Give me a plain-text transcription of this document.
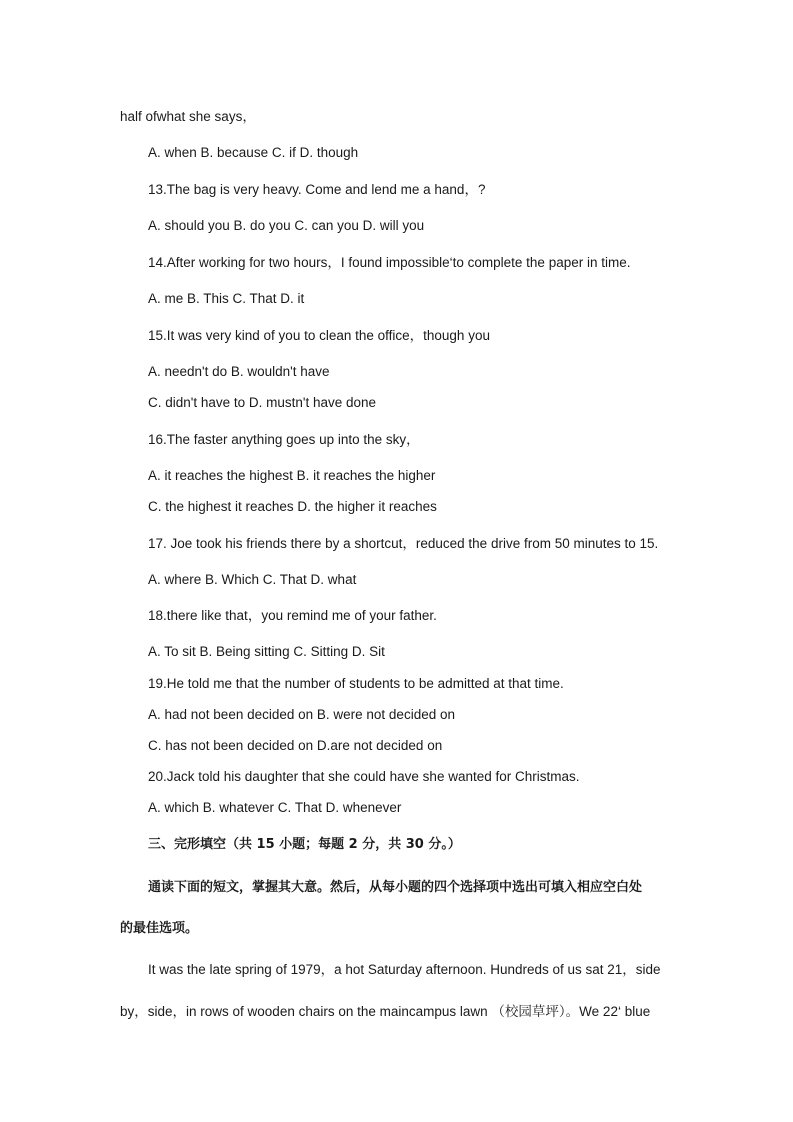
half ofwhat she says，
A. when B. because C. if D. though
13.The bag is very heavy. Come and lend me a hand，?
A. should you B. do you C. can you D. will you
14.After working for two hours，I found impossible‘to complete the paper in time.
A. me B. This C. That D. it
15.It was very kind of you to clean the office，though you
A. needn't do B. wouldn't have
C. didn't have to D. mustn't have done
16.The faster anything goes up into the sky，
A. it reaches the highest B. it reaches the higher
C. the highest it reaches D. the higher it reaches
17. Joe took his friends there by a shortcut，reduced the drive from 50 minutes to 15.
A. where B. Which C. That D. what
18.there like that，you remind me of your father.
A. To sit B. Being sitting C. Sitting D. Sit
19.He told me that the number of students to be admitted at that time.
A. had not been decided on B. were not decided on
C. has not been decided on D.are not decided on
20.Jack told his daughter that she could have she wanted for Christmas.
A. which B. whatever C. That D. whenever
三、完形填空（共 15 小题；每题 2 分，共 30 分。）
通读下面的短文，掌握其大意。然后，从每小题的四个选择项中选出可填入相应空白处
的最佳选项。
It was the late spring of 1979，a hot Saturday afternoon. Hundreds of us sat 21，side
by，side，in rows of wooden chairs on the maincampus lawn （校园草坪）。We 22‘ blue
